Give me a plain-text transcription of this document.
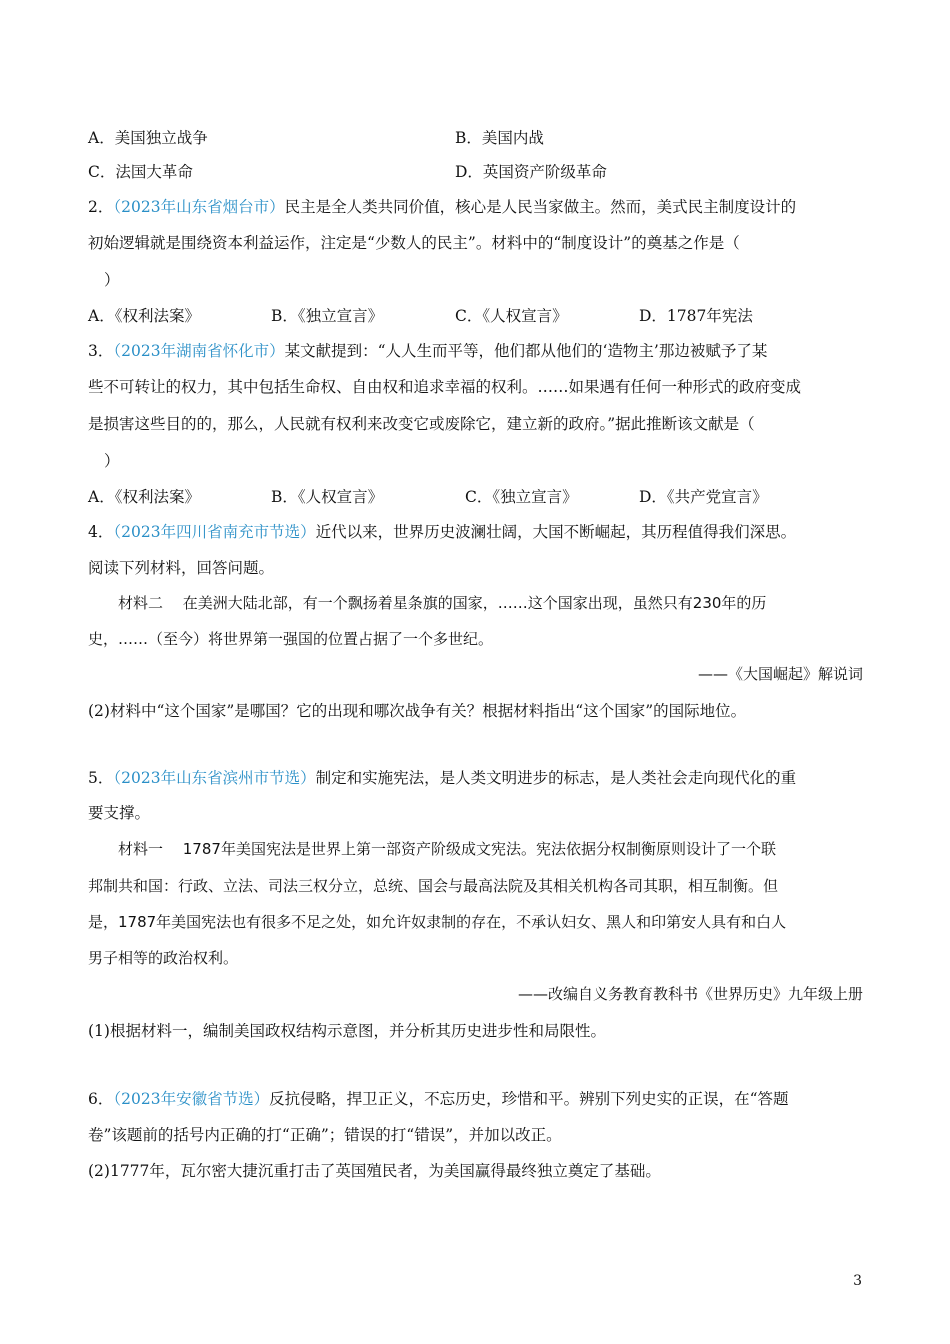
A．美国独立战争	B．美国内战
C．法国大革命	D．英国资产阶级革命
2．（2023年山东省烟台市）民主是全人类共同价值，核心是人民当家做主。然而，美式民主制度设计的
初始逻辑就是围绕资本利益运作，注定是“少数人的民主”。材料中的“制度设计”的奠基之作是（
）
A．《权利法案》	B．《独立宣言》	C．《人权宣言》	D．1787年宪法
3．（2023年湖南省怀化市）某文献提到：“人人生而平等，他们都从他们的‘造物主’那边被赋予了某
些不可转让的权力，其中包括生命权、自由权和追求幸福的权利。……如果遇有任何一种形式的政府变成
是损害这些目的的，那么，人民就有权利来改变它或废除它，建立新的政府。”据此推断该文献是（
）
A．《权利法案》	B．《人权宣言》	C．《独立宣言》	D．《共产党宣言》
4．（2023年四川省南充市节选）近代以来，世界历史波澜壮阔，大国不断崛起，其历程值得我们深思。
阅读下列材料，回答问题。
材料二　 在美洲大陆北部，有一个飘扬着星条旗的国家，……这个国家出现，虽然只有230年的历
史，……（至今）将世界第一强国的位置占据了一个多世纪。
——《大国崛起》解说词
(2)材料中“这个国家”是哪国？它的出现和哪次战争有关？根据材料指出“这个国家”的国际地位。
5．（2023年山东省滨州市节选）制定和实施宪法，是人类文明进步的标志，是人类社会走向现代化的重
要支撑。
材料一　 1787年美国宪法是世界上第一部资产阶级成文宪法。宪法依据分权制衡原则设计了一个联
邦制共和国：行政、立法、司法三权分立，总统、国会与最高法院及其相关机构各司其职，相互制衡。但
是，1787年美国宪法也有很多不足之处，如允许奴隶制的存在，不承认妇女、黑人和印第安人具有和白人
男子相等的政治权利。
——改编自义务教育教科书《世界历史》九年级上册
(1)根据材料一，编制美国政权结构示意图，并分析其历史进步性和局限性。
6．（2023年安徽省节选）反抗侵略，捍卫正义，不忘历史，珍惜和平。辨别下列史实的正误，在“答题
卷”该题前的括号内正确的打“正确”；错误的打“错误”，并加以改正。
(2)1777年，瓦尔密大捷沉重打击了英国殖民者，为美国赢得最终独立奠定了基础。
3
